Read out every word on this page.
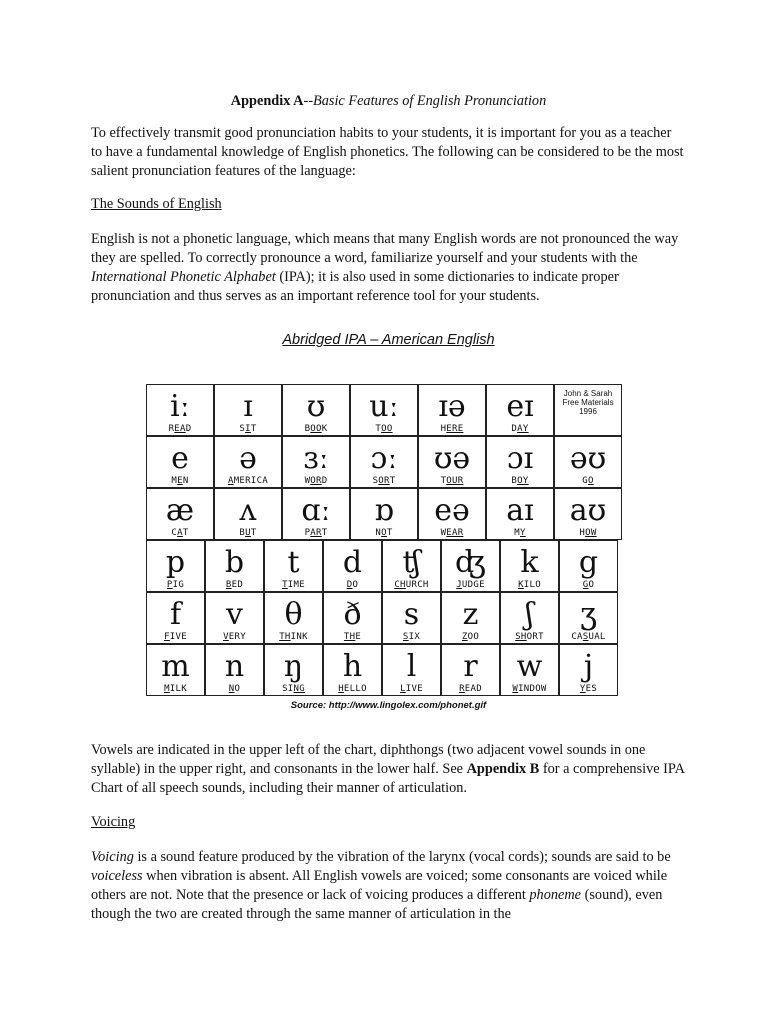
Appendix A--Basic Features of English Pronunciation

To effectively transmit good pronunciation habits to your students, it is important for you as a teacher to have a fundamental knowledge of English phonetics. The following can be considered to be the most salient pronunciation features of the language:

The Sounds of English

English is not a phonetic language, which means that many English words are not pronounced the way they are spelled. To correctly pronounce a word, familiarize yourself and your students with the International Phonetic Alphabet (IPA); it is also used in some dictionaries to indicate proper pronunciation and thus serves as an important reference tool for your students.

Abridged IPA – American English

Vowels are indicated in the upper left of the chart, diphthongs (two adjacent vowel sounds in one syllable) in the upper right, and consonants in the lower half. See Appendix B for a comprehensive IPA Chart of all speech sounds, including their manner of articulation.

Voicing

Voicing is a sound feature produced by the vibration of the larynx (vocal cords); sounds are said to be voiceless when vibration is absent. All English vowels are voiced; some consonants are voiced while others are not. Note that the presence or lack of voicing produces a different phoneme (sound), even though the two are created through the same manner of articulation in the

Source: http://www.lingolex.com/phonet.gif
iː
READ
ɪ
SIT
ʊ
BOOK
uː
TOO
ɪə
HERE
eɪ
DAY
John & Sarah
Free Materials
1996
e
MEN
ə
AMERICA
ɜː
WORD
ɔː
SORT
ʊə
TOUR
ɔɪ
BOY
əʊ
GO
æ
CAT
ʌ
BUT
ɑː
PART
ɒ
NOT
eə
WEAR
aɪ
MY
aʊ
HOW
p
PIG
b
BED
t
TIME
d
DO
ʧ
CHURCH
ʤ
JUDGE
k
KILO
g
GO
f
FIVE
v
VERY
θ
THINK
ð
THE
s
SIX
z
ZOO
ʃ
SHORT
ʒ
CASUAL
m
MILK
n
NO
ŋ
SING
h
HELLO
l
LIVE
r
READ
w
WINDOW
j
YES
